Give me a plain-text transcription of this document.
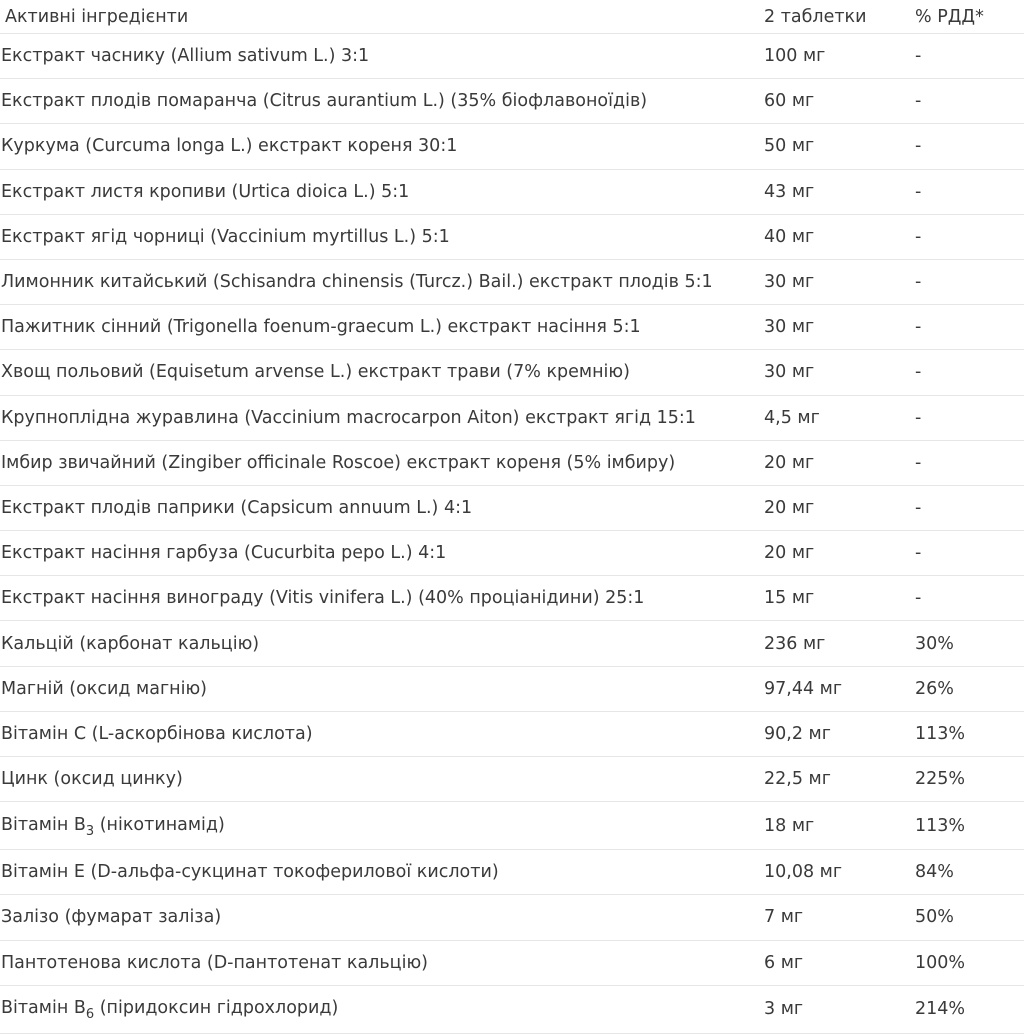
Активні інгредієнти	2 таблетки	% РДД*
Екстракт часнику (Allium sativum L.) 3:1	100 мг	-
Екстракт плодів помаранча (Citrus aurantium L.) (35% біофлавоноїдів)	60 мг	-
Куркума (Curcuma longa L.) екстракт кореня 30:1	50 мг	-
Екстракт листя кропиви (Urtica dioica L.) 5:1	43 мг	-
Екстракт ягід чорниці (Vaccinium myrtillus L.) 5:1	40 мг	-
Лимонник китайський (Schisandra chinensis (Turcz.) Bail.) екстракт плодів 5:1	30 мг	-
Пажитник сінний (Trigonella foenum-graecum L.) екстракт насіння 5:1	30 мг	-
Хвощ польовий (Equisetum arvense L.) екстракт трави (7% кремнію)	30 мг	-
Крупноплідна журавлина (Vaccinium macrocarpon Aiton) екстракт ягід 15:1	4,5 мг	-
Імбир звичайний (Zingiber officinale Roscoe) екстракт кореня (5% імбиру)	20 мг	-
Екстракт плодів паприки (Capsicum annuum L.) 4:1	20 мг	-
Екстракт насіння гарбуза (Cucurbita pepo L.) 4:1	20 мг	-
Екстракт насіння винограду (Vitis vinifera L.) (40% проціанідини) 25:1	15 мг	-
Кальцій (карбонат кальцію)	236 мг	30%
Магній (оксид магнію)	97,44 мг	26%
Вітамін С (L-аскорбінова кислота)	90,2 мг	113%
Цинк (оксид цинку)	22,5 мг	225%
Вітамін $B_3$ (нікотинамід)	18 мг	113%
Вітамін Е (D-альфа-сукцинат токоферилової кислоти)	10,08 мг	84%
Залізо (фумарат заліза)	7 мг	50%
Пантотенова кислота (D-пантотенат кальцію)	6 мг	100%
Вітамін $B_6$ (піридоксин гідрохлорид)	3 мг	214%
